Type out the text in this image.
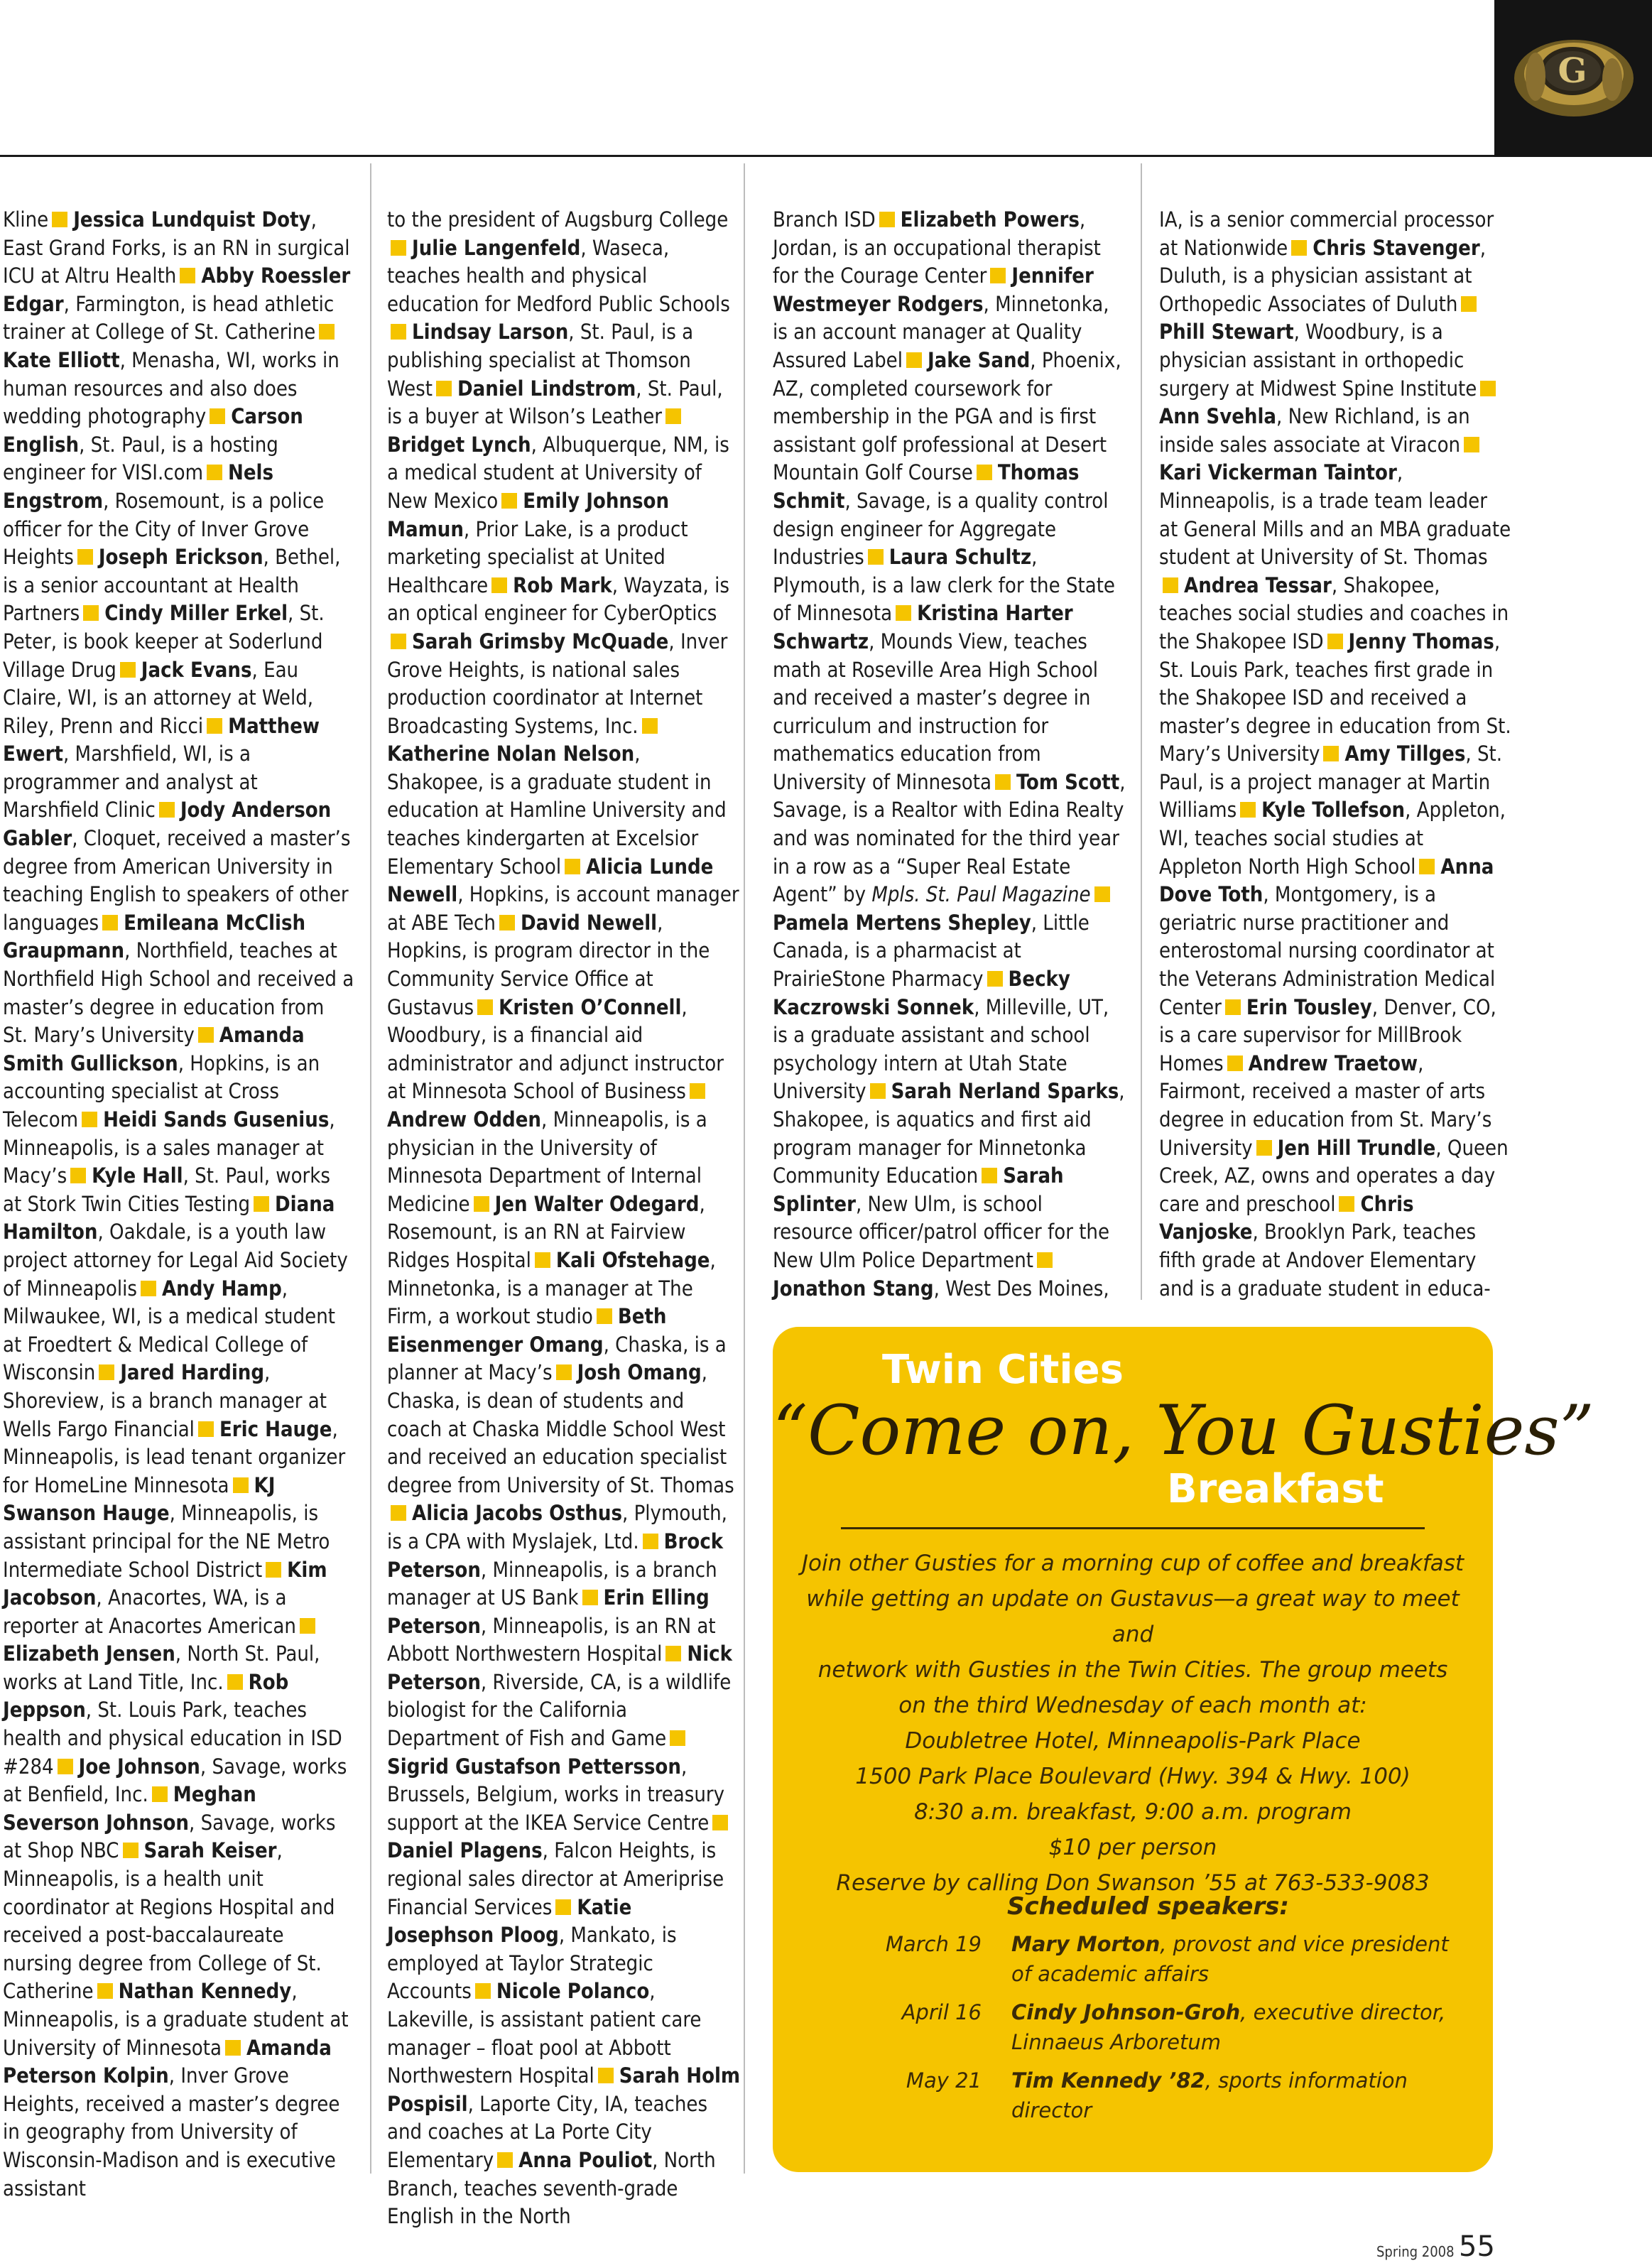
G
Kline Jessica Lundquist Doty, East Grand Forks, is an RN in surgical ICU at Altru Health Abby Roessler Edgar, Farmington, is head athletic trainer at College of St. CatherineKate Elliott, Menasha, WI, works in human resources and also does wedding photography Carson English, St. Paul, is a hosting engineer for VISI.com Nels Engstrom, Rosemount, is a police officer for the City of Inver Grove Heights Joseph Erickson, Bethel, is a senior accountant at Health Partners Cindy Miller Erkel, St. Peter, is book keeper at Soderlund Village Drug Jack Evans, Eau Claire, WI, is an attorney at Weld, Riley, Prenn and Ricci Matthew Ewert, Marshfield, WI, is a programmer and analyst at Marshfield Clinic Jody Anderson Gabler, Cloquet, received a master’s degree from American University in teaching English to speakers of other languages Emileana McClish Graupmann, Northfield, teaches at Northfield High School and received a master’s degree in education from St. Mary’s University Amanda Smith Gullickson, Hopkins, is an accounting specialist at Cross Telecom Heidi Sands Gusenius, Minneapolis, is a sales manager at Macy’s Kyle Hall, St. Paul, works at Stork Twin Cities Testing Diana Hamilton, Oakdale, is a youth law project attorney for Legal Aid Society of Minneapolis Andy Hamp, Milwaukee, WI, is a medical student at Froedtert & Medical College of Wisconsin Jared Harding, Shoreview, is a branch manager at Wells Fargo Financial Eric Hauge, Minneapolis, is lead tenant organizer for HomeLine Minnesota KJ Swanson Hauge, Minneapolis, is assistant principal for the NE Metro Intermediate School District Kim Jacobson, Anacortes, WA, is a reporter at Anacortes AmericanElizabeth Jensen, North St. Paul, works at Land Title, Inc. Rob Jeppson, St. Louis Park, teaches health and physical education in ISD #284 Joe Johnson, Savage, works at Benfield, Inc. Meghan Severson Johnson, Savage, works at Shop NBC Sarah Keiser, Minneapolis, is a health unit coordinator at Regions Hospital and received a post-baccalaureate nursing degree from College of St. Catherine Nathan Kennedy, Minneapolis, is a graduate student at University of Minnesota Amanda Peterson Kolpin, Inver Grove Heights, received a master’s degree in geography from University of Wisconsin-Madison and is executive assistant
to the president of Augsburg CollegeJulie Langenfeld, Waseca, teaches health and physical education for Medford Public SchoolsLindsay Larson, St. Paul, is a publishing specialist at Thomson West Daniel Lindstrom, St. Paul, is a buyer at Wilson’s LeatherBridget Lynch, Albuquerque, NM, is a medical student at University of New Mexico Emily Johnson Mamun, Prior Lake, is a product marketing specialist at United Healthcare Rob Mark, Wayzata, is an optical engineer for CyberOpticsSarah Grimsby McQuade, Inver Grove Heights, is national sales production coordinator at Internet Broadcasting Systems, Inc.Katherine Nolan Nelson, Shakopee, is a graduate student in education at Hamline University and teaches kindergarten at Excelsior Elementary School Alicia Lunde Newell, Hopkins, is account manager at ABE Tech David Newell, Hopkins, is program director in the Community Service Office at Gustavus Kristen O’Connell, Woodbury, is a financial aid administrator and adjunct instructor at Minnesota School of BusinessAndrew Odden, Minneapolis, is a physician in the University of Minnesota Department of Internal Medicine Jen Walter Odegard, Rosemount, is an RN at Fairview Ridges Hospital Kali Ofstehage, Minnetonka, is a manager at The Firm, a workout studio Beth Eisenmenger Omang, Chaska, is a planner at Macy’s Josh Omang, Chaska, is dean of students and coach at Chaska Middle School West and received an education specialist degree from University of St. ThomasAlicia Jacobs Osthus, Plymouth, is a CPA with Myslajek, Ltd. Brock Peterson, Minneapolis, is a branch manager at US Bank Erin Elling Peterson, Minneapolis, is an RN at Abbott Northwestern Hospital Nick Peterson, Riverside, CA, is a wildlife biologist for the California Department of Fish and GameSigrid Gustafson Pettersson, Brussels, Belgium, works in treasury support at the IKEA Service CentreDaniel Plagens, Falcon Heights, is regional sales director at Ameriprise Financial Services Katie Josephson Ploog, Mankato, is employed at Taylor Strategic Accounts Nicole Polanco, Lakeville, is assistant patient care manager – float pool at Abbott Northwestern Hospital Sarah Holm Pospisil, Laporte City, IA, teaches and coaches at La Porte City Elementary Anna Pouliot, North Branch, teaches seventh-grade English in the North
Branch ISD Elizabeth Powers, Jordan, is an occupational therapist for the Courage Center Jennifer Westmeyer Rodgers, Minnetonka, is an account manager at Quality Assured Label Jake Sand, Phoenix, AZ, completed coursework for membership in the PGA and is first assistant golf professional at Desert Mountain Golf Course Thomas Schmit, Savage, is a quality control design engineer for Aggregate Industries Laura Schultz, Plymouth, is a law clerk for the State of Minnesota Kristina Harter Schwartz, Mounds View, teaches math at Roseville Area High School and received a master’s degree in curriculum and instruction for mathematics education from University of Minnesota Tom Scott, Savage, is a Realtor with Edina Realty and was nominated for the third year in a row as a “Super Real Estate Agent” by Mpls. St. Paul MagazinePamela Mertens Shepley, Little Canada, is a pharmacist at PrairieStone Pharmacy Becky Kaczrowski Sonnek, Milleville, UT, is a graduate assistant and school psychology intern at Utah State University Sarah Nerland Sparks, Shakopee, is aquatics and first aid program manager for Minnetonka Community Education Sarah Splinter, New Ulm, is school resource officer/patrol officer for the New Ulm Police DepartmentJonathon Stang, West Des Moines,
IA, is a senior commercial processor at Nationwide Chris Stavenger, Duluth, is a physician assistant at Orthopedic Associates of DuluthPhill Stewart, Woodbury, is a physician assistant in orthopedic surgery at Midwest Spine InstituteAnn Svehla, New Richland, is an inside sales associate at ViraconKari Vickerman Taintor, Minneapolis, is a trade team leader at General Mills and an MBA graduate student at University of St. ThomasAndrea Tessar, Shakopee, teaches social studies and coaches in the Shakopee ISD Jenny Thomas, St. Louis Park, teaches first grade in the Shakopee ISD and received a master’s degree in education from St. Mary’s University Amy Tillges, St. Paul, is a project manager at Martin Williams Kyle Tollefson, Appleton, WI, teaches social studies at Appleton North High School Anna Dove Toth, Montgomery, is a geriatric nurse practitioner and enterostomal nursing coordinator at the Veterans Administration Medical Center Erin Tousley, Denver, CO, is a care supervisor for MillBrook Homes Andrew Traetow, Fairmont, received a master of arts degree in education from St. Mary’s University Jen Hill Trundle, Queen Creek, AZ, owns and operates a day care and preschool Chris Vanjoske, Brooklyn Park, teaches fifth grade at Andover Elementary and is a graduate student in educa-
Twin Cities
“Come on, You Gusties”
Breakfast
Join other Gusties for a morning cup of coffee and breakfast
while getting an update on Gustavus—a great way to meet and
network with Gusties in the Twin Cities. The group meets
on the third Wednesday of each month at:
Doubletree Hotel, Minneapolis-Park Place
1500 Park Place Boulevard (Hwy. 394 & Hwy. 100)
8:30 a.m. breakfast, 9:00 a.m. program
$10 per person
Reserve by calling Don Swanson ’55 at 763-533-9083
Scheduled speakers:
March 19 Mary Morton, provost and vice president
of academic affairs
April 16 Cindy Johnson-Groh, executive director,
Linnaeus Arboretum
May 21 Tim Kennedy ’82, sports information director
Spring 2008 55
